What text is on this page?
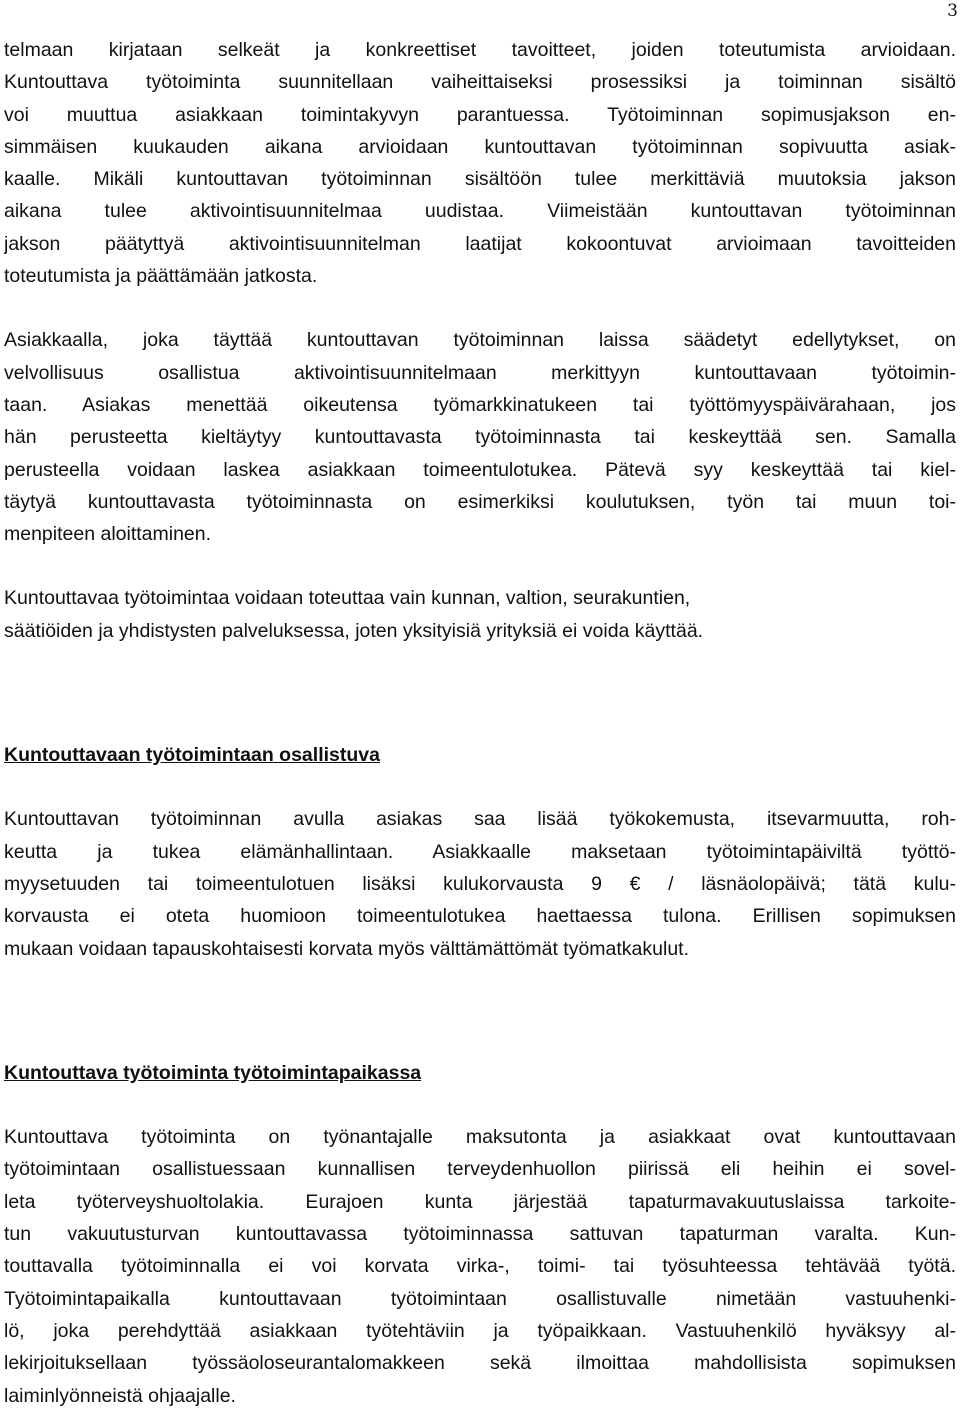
3
telmaan kirjataan selkeät ja konkreettiset tavoitteet, joiden toteutumista arvioidaan.
Kuntouttava työtoiminta suunnitellaan vaiheittaiseksi prosessiksi ja toiminnan sisältö
voi muuttua asiakkaan toimintakyvyn parantuessa. Työtoiminnan sopimusjakson en-
simmäisen kuukauden aikana arvioidaan kuntouttavan työtoiminnan sopivuutta asiak-
kaalle. Mikäli kuntouttavan työtoiminnan sisältöön tulee merkittäviä muutoksia jakson
aikana tulee aktivointisuunnitelmaa uudistaa. Viimeistään kuntouttavan työtoiminnan
jakson päätyttyä aktivointisuunnitelman laatijat kokoontuvat arvioimaan tavoitteiden
toteutumista ja päättämään jatkosta.
Asiakkaalla, joka täyttää kuntouttavan työtoiminnan laissa säädetyt edellytykset, on
velvollisuus osallistua aktivointisuunnitelmaan merkittyyn kuntouttavaan työtoimin-
taan. Asiakas menettää oikeutensa työmarkkinatukeen tai työttömyyspäivärahaan, jos
hän perusteetta kieltäytyy kuntouttavasta työtoiminnasta tai keskeyttää sen. Samalla
perusteella voidaan laskea asiakkaan toimeentulotukea. Pätevä syy keskeyttää tai kiel-
täytyä kuntouttavasta työtoiminnasta on esimerkiksi koulutuksen, työn tai muun toi-
menpiteen aloittaminen.
Kuntouttavaa työtoimintaa voidaan toteuttaa vain kunnan, valtion, seurakuntien,
säätiöiden ja yhdistysten palveluksessa, joten yksityisiä yrityksiä ei voida käyttää.
Kuntouttavaan työtoimintaan osallistuva
Kuntouttavan työtoiminnan avulla asiakas saa lisää työkokemusta, itsevarmuutta, roh-
keutta ja tukea elämänhallintaan. Asiakkaalle maksetaan työtoimintapäiviltä työttö-
myysetuuden tai toimeentulotuen lisäksi kulukorvausta 9 € / läsnäolopäivä; tätä kulu-
korvausta ei oteta huomioon toimeentulotukea haettaessa tulona. Erillisen sopimuksen
mukaan voidaan tapauskohtaisesti korvata myös välttämättömät työmatkakulut.
Kuntouttava työtoiminta työtoimintapaikassa
Kuntouttava työtoiminta on työnantajalle maksutonta ja asiakkaat ovat kuntouttavaan
työtoimintaan osallistuessaan kunnallisen terveydenhuollon piirissä eli heihin ei sovel-
leta työterveyshuoltolakia. Eurajoen kunta järjestää tapaturmavakuutuslaissa tarkoite-
tun vakuutusturvan kuntouttavassa työtoiminnassa sattuvan tapaturman varalta. Kun-
touttavalla työtoiminnalla ei voi korvata virka-, toimi- tai työsuhteessa tehtävää työtä.
Työtoimintapaikalla kuntouttavaan työtoimintaan osallistuvalle nimetään vastuuhenki-
lö, joka perehdyttää asiakkaan työtehtäviin ja työpaikkaan. Vastuuhenkilö hyväksyy al-
lekirjoituksellaan työssäoloseurantalomakkeen sekä ilmoittaa mahdollisista sopimuksen
laiminlyönneistä ohjaajalle.
